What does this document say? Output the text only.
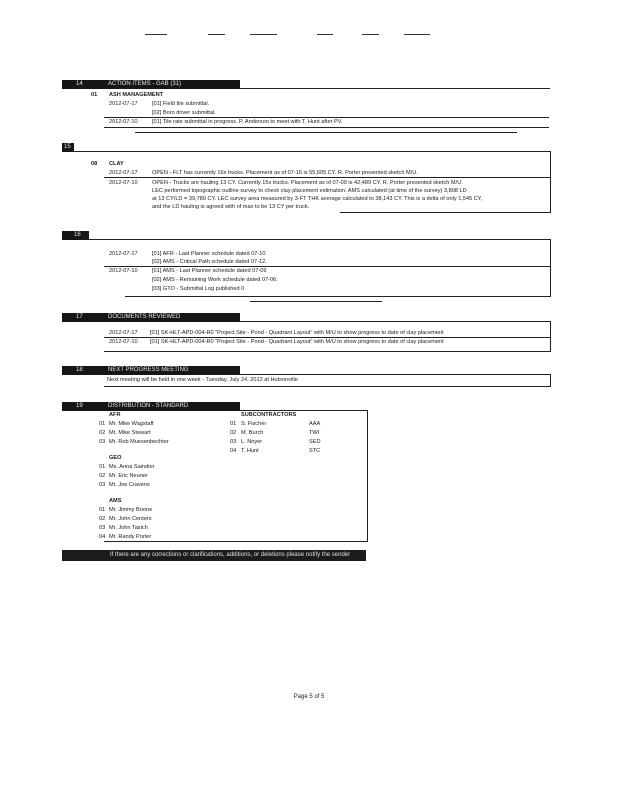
14	ACTION ITEMS - GAB (31)
01 ASH MANAGEMENT
2012-07-17	[01] Field tile submittal.
[02] Boro driver submittal.
2012-07-10	[01] Tile rate submittal in progress. P. Anderson to meet with T. Hunt after PV.
15
08 CLAY
2012-07-17	OPEN - FLT has currently 16x trucks. Placement as of 07-16 is 55,605 CY. R. Porter presented sketch M/U.
2012-07-10	OPEN - Trucks are hauling 13 CY. Currently 15x trucks. Placement as of 07-09 is 42,489 CY. R. Porter presented sketch M/U.
LEC performed topographic outline survey to check clay placement estimation. AMS calculated (at time of the survey) 3,808 LD
at 13 CY/LD = 39,780 CY. LEC survey area measured by 3-FT THK average calculated to 38,143 CY. This is a delta of only 1,545 CY,
and the LD hauling is agreed with of max to be 13 CY per truck.
16
2012-07-17	[01] AFR - Last Planner schedule dated 07-10
[02] AMS - Critical Path schedule dated 07-12.
2012-07-10	[01] AMS - Last Planner schedule dated 07-09
[02] AMS - Remaining Work schedule dated 07-06.
[03] GTO - Submittal Log published 0
17	DOCUMENTS REVIEWED
2012-07-17 [01] SK-HLT-APD-004-R0 "Project Site - Pond - Quadrant Layout" with M/U to show progress to date of clay placement
2012-07-10 [01] SK-HLT-APD-004-R0 "Project Site - Pond - Quadrant Layout" with M/U to show progress to date of clay placement
18	NEXT PROGRESS MEETING
Next meeting will be held in one week - Tuesday, July 24, 2012 at Hutsonville
19	DISTRIBUTION - STANDARD
AFR
01 Mr. Mike Wagstaff
02 Mr. Mike Stewart
03 Mr. Rob Muesenbechter
GEO
01 Ms. Anna Saindon
02 Mr. Eric Neuner
03 Mr. Joe Cravens
AMS
01 Mr. Jimmy Boone
02 Mr. John Centers
03 Mr. John Tasich
04 Mr. Randy Porter
SUBCONTRACTORS
01 S. Fischer	AAA
02 M. Burch	TWI
03 L. Noyer	SED
04 T. Hunt	STC
If there are any corrections or clarifications, additions, or deletions please notify the sender
Page 5 of 5
